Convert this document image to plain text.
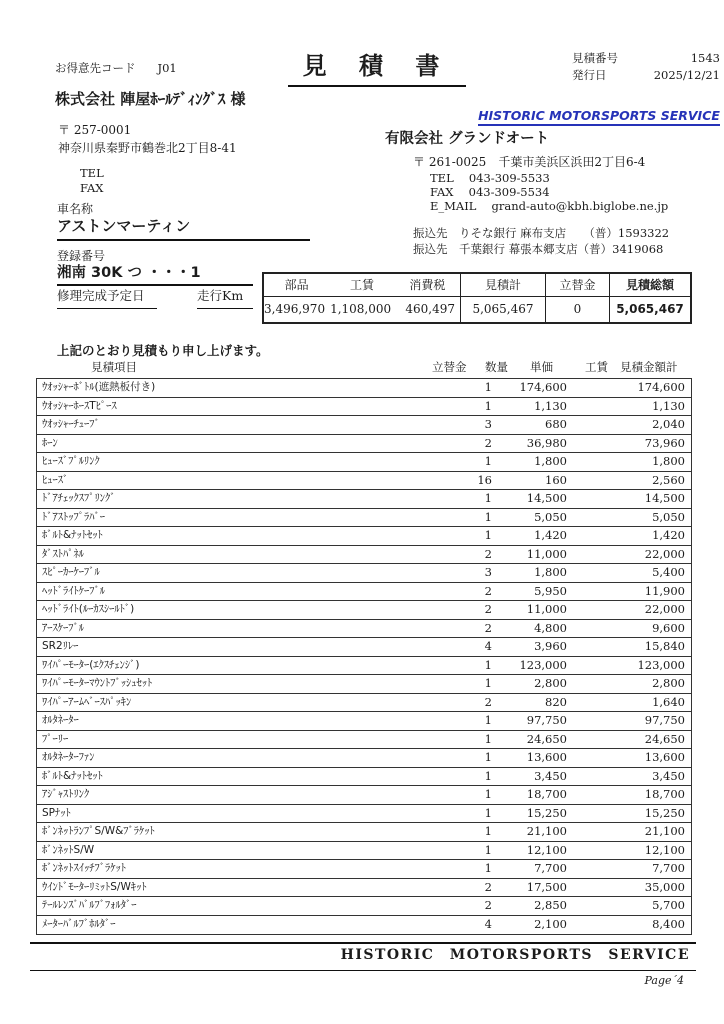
お得意先コード J01	見 積 書	見積番号	1543
発行日	2025/12/21
株式会社 陣屋ﾎｰﾙﾃﾞｨﾝｸﾞｽ 様
〒 257-0001
神奈川県秦野市鶴巻北2丁目8-41
TEL
FAX
HISTORIC MOTORSPORTS SERVICE
有限会社 グランドオート
〒 261-0025　千葉市美浜区浜田2丁目6-4
TEL　 043-309-5533
FAX　 043-309-5534
E_MAIL　 grand-auto@kbh.biglobe.ne.jp
振込先　りそな銀行 麻布支店　　（普）1593322
振込先　千葉銀行 幕張本郷支店（普）3419068
車名称
アストンマーティン
登録番号
湘南 30K つ ・・・1
修理完成予定日	走行Km
部品	工賃	消費税	見積計	立替金	見積総額
3,496,970 1,108,000	460,497	5,065,467	0	5,065,467
上記のとおり見積もり申し上げます。
見積項目	立替金 数量 単価	工賃 見積金額計
ｳｵｯｼｬｰﾎﾞﾄﾙ(遮熱板付き)	1	174,600	174,600
ｳｵｯｼｬｰﾎｰｽTﾋﾟｰｽ	1	1,130	1,130
ｳｵｯｼｬｰﾁｭｰﾌﾞ	3	680	2,040
ﾎｰﾝ	2	36,980	73,960
ﾋｭｰｽﾞﾌﾟﾙﾘﾝｸ	1	1,800	1,800
ﾋｭｰｽﾞ	16	160	2,560
ﾄﾞｱﾁｪｯｸｽﾌﾟﾘﾝｸﾞ	1	14,500	14,500
ﾄﾞｱｽﾄｯﾌﾟﾗﾊﾞｰ	1	5,050	5,050
ﾎﾞﾙﾄ&ﾅｯﾄｾｯﾄ	1	1,420	1,420
ﾀﾞｽﾄﾊﾟﾈﾙ	2	11,000	22,000
ｽﾋﾟｰｶｰｹｰﾌﾞﾙ	3	1,800	5,400
ﾍｯﾄﾞﾗｲﾄｹｰﾌﾞﾙ	2	5,950	11,900
ﾍｯﾄﾞﾗｲﾄ(ﾙｰｶｽｼｰﾙﾄﾞ)	2	11,000	22,000
ｱｰｽｹｰﾌﾞﾙ	2	4,800	9,600
SR2ﾘﾚｰ	4	3,960	15,840
ﾜｲﾊﾟｰﾓｰﾀｰ(ｴｸｽﾁｪﾝｼﾞ)	1	123,000	123,000
ﾜｲﾊﾟｰﾓｰﾀｰﾏｳﾝﾄﾌﾞｯｼｭｾｯﾄ	1	2,800	2,800
ﾜｲﾊﾟｰｱｰﾑﾍﾞｰｽﾊﾟｯｷﾝ	2	820	1,640
ｵﾙﾀﾈｰﾀｰ	1	97,750	97,750
ﾌﾟｰﾘｰ	1	24,650	24,650
ｵﾙﾀﾈｰﾀｰﾌｧﾝ	1	13,600	13,600
ﾎﾞﾙﾄ&ﾅｯﾄｾｯﾄ	1	3,450	3,450
ｱｼﾞｬｽﾄﾘﾝｸ	1	18,700	18,700
SPﾅｯﾄ	1	15,250	15,250
ﾎﾞﾝﾈｯﾄﾗﾝﾌﾟS/W&ﾌﾞﾗｹｯﾄ	1	21,100	21,100
ﾎﾞﾝﾈｯﾄS/W	1	12,100	12,100
ﾎﾞﾝﾈｯﾄｽｲｯﾁﾌﾞﾗｹｯﾄ	1	7,700	7,700
ｳｲﾝﾄﾞﾓｰﾀｰﾘﾐｯﾄS/Wｷｯﾄ	2	17,500	35,000
ﾃｰﾙﾚﾝｽﾞﾊﾞﾙﾌﾞﾌｫﾙﾀﾞｰ	2	2,850	5,700
ﾒｰﾀｰﾊﾞﾙﾌﾞﾎﾙﾀﾞｰ	4	2,100	8,400
HISTORIC MOTORSPORTS SERVICE
Page´4
